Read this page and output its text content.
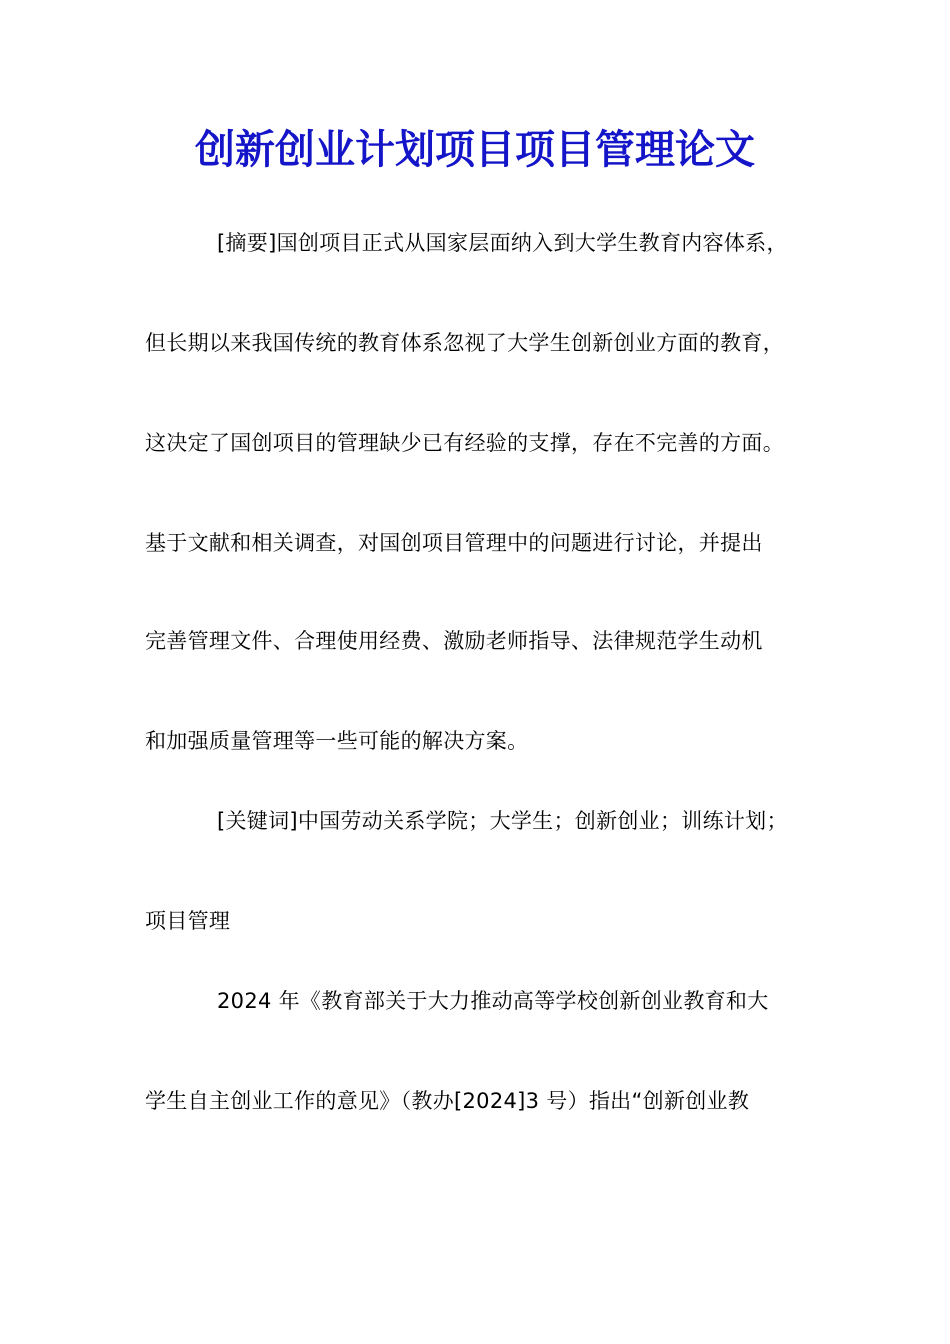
创新创业计划项目项目管理论文
[摘要]国创项目正式从国家层面纳入到大学生教育内容体系，
但长期以来我国传统的教育体系忽视了大学生创新创业方面的教育，
这决定了国创项目的管理缺少已有经验的支撑，存在不完善的方面。
基于文献和相关调查，对国创项目管理中的问题进行讨论，并提出
完善管理文件、合理使用经费、激励老师指导、法律规范学生动机
和加强质量管理等一些可能的解决方案。
[关键词]中国劳动关系学院；大学生；创新创业；训练计划；
项目管理
2024 年《教育部关于大力推动高等学校创新创业教育和大
学生自主创业工作的意见》（教办[2024]3 号）指出“创新创业教
